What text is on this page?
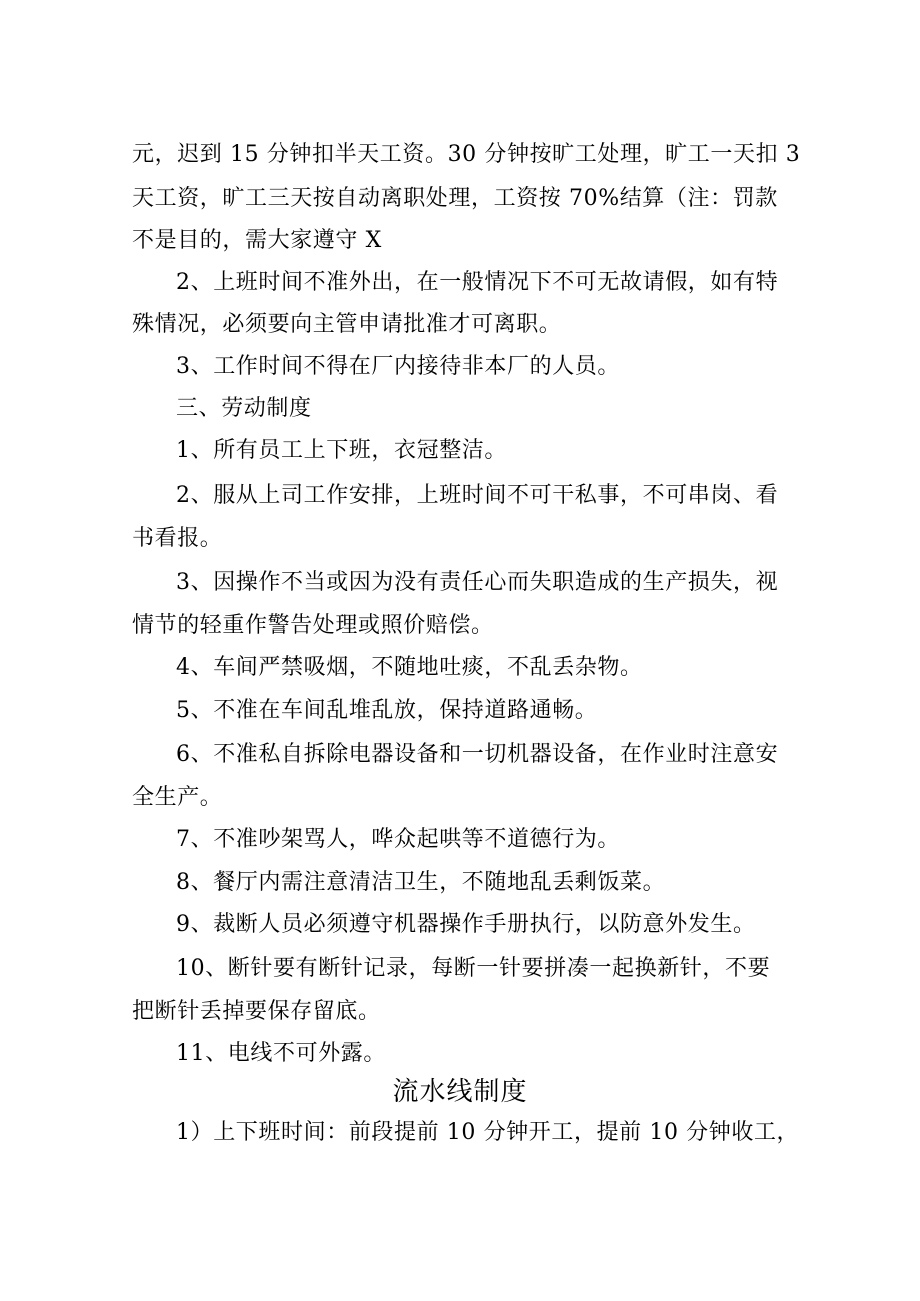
元，迟到 15 分钟扣半天工资。30 分钟按旷工处理，旷工一天扣 3
天工资，旷工三天按自动离职处理，工资按 70%结算（注：罚款
不是目的，需大家遵守 X
2、上班时间不准外出，在一般情况下不可无故请假，如有特
殊情况，必须要向主管申请批准才可离职。
3、工作时间不得在厂内接待非本厂的人员。
三、劳动制度
1、所有员工上下班，衣冠整洁。
2、服从上司工作安排，上班时间不可干私事，不可串岗、看
书看报。
3、因操作不当或因为没有责任心而失职造成的生产损失，视
情节的轻重作警告处理或照价赔偿。
4、车间严禁吸烟，不随地吐痰，不乱丢杂物。
5、不准在车间乱堆乱放，保持道路通畅。
6、不准私自拆除电器设备和一切机器设备，在作业时注意安
全生产。
7、不准吵架骂人，哗众起哄等不道德行为。
8、餐厅内需注意清洁卫生，不随地乱丢剩饭菜。
9、裁断人员必须遵守机器操作手册执行，以防意外发生。
10、断针要有断针记录，每断一针要拼凑一起换新针，不要
把断针丢掉要保存留底。
11、电线不可外露。
流水线制度
1）上下班时间：前段提前 10 分钟开工，提前 10 分钟收工，
